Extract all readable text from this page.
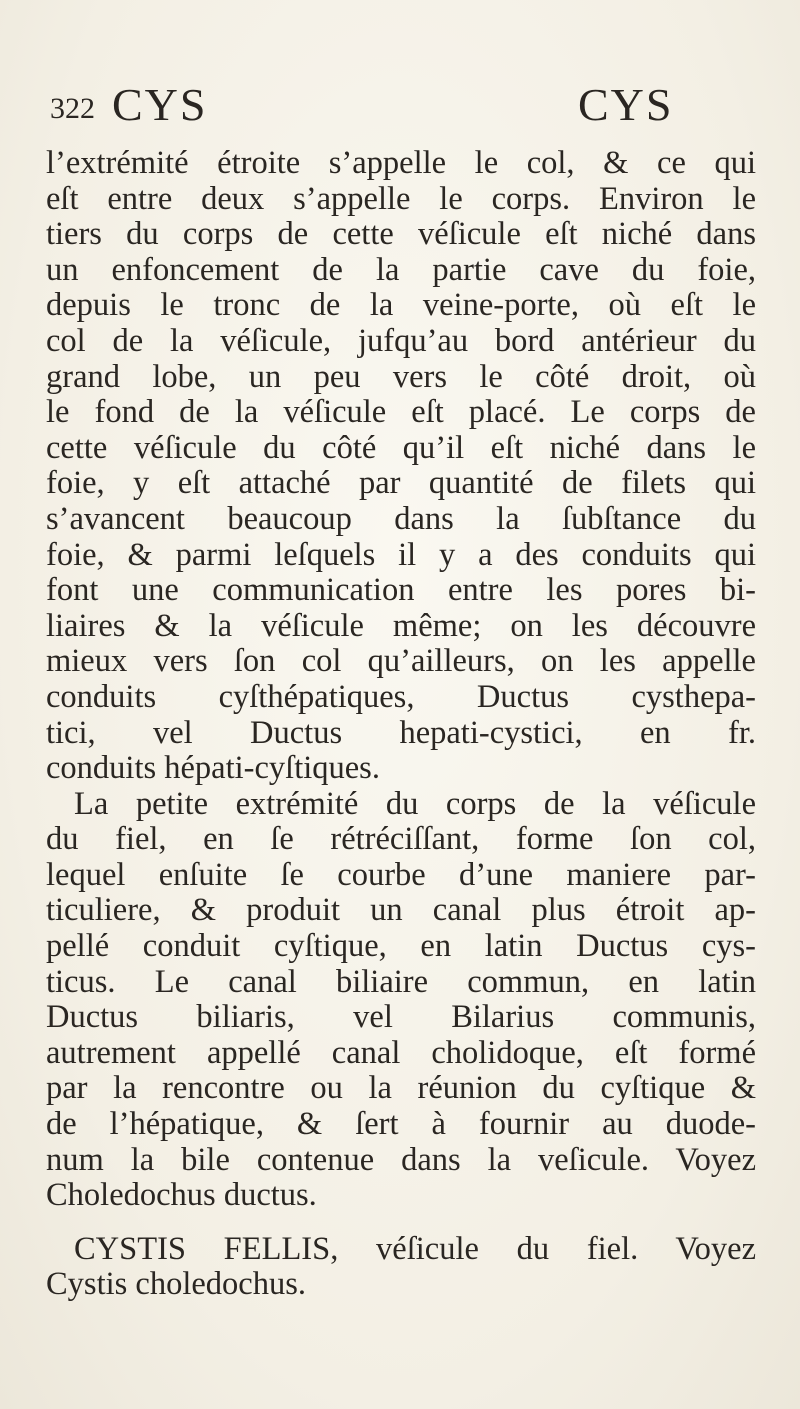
322 CYS	CYS
l’extrémité étroite s’appelle le col, & ce qui
eſt entre deux s’appelle le corps. Environ le
tiers du corps de cette véſicule eſt niché dans
un enfoncement de la partie cave du foie,
depuis le tronc de la veine-porte, où eſt le
col de la véſicule, jufqu’au bord antérieur du
grand lobe, un peu vers le côté droit, où
le fond de la véſicule eſt placé. Le corps de
cette véſicule du côté qu’il eſt niché dans le
foie, y eſt attaché par quantité de filets qui
s’avancent beaucoup dans la ſubſtance du
foie, & parmi leſquels il y a des conduits qui
font une communication entre les pores bi-
liaires & la véſicule même; on les découvre
mieux vers ſon col qu’ailleurs, on les appelle
conduits cyſthépatiques, Ductus cysthepa-
tici, vel Ductus hepati-cystici, en fr.
conduits hépati-cyſtiques.
La petite extrémité du corps de la véſicule
du fiel, en ſe rétréciſſant, forme ſon col,
lequel enſuite ſe courbe d’une maniere par-
ticuliere, & produit un canal plus étroit ap-
pellé conduit cyſtique, en latin Ductus cys-
ticus. Le canal biliaire commun, en latin
Ductus biliaris, vel Bilarius communis,
autrement appellé canal cholidoque, eſt formé
par la rencontre ou la réunion du cyſtique &
de l’hépatique, & ſert à fournir au duode-
num la bile contenue dans la veſicule. Voyez
Choledochus ductus.
CYSTIS FELLIS, véſicule du fiel. Voyez
Cystis choledochus.
